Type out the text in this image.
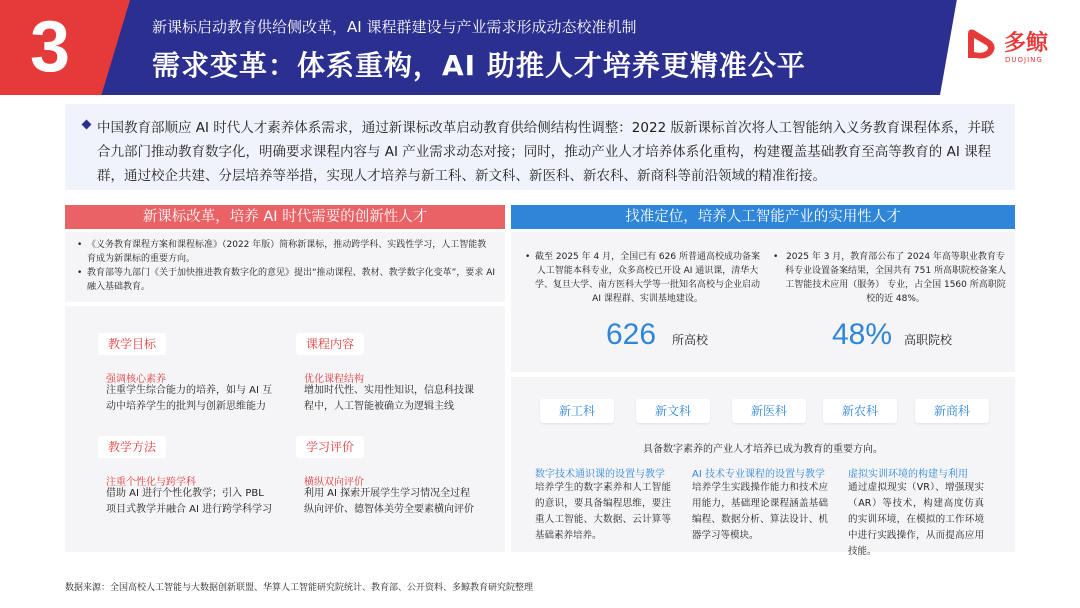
3	新课标启动教育供给侧改革，AI 课程群建设与产业需求形成动态校准机制
需求变革：体系重构，AI 助推人才培养更精准公平
多鲸
DUOJING

中国教育部顺应 AI 时代人才素养体系需求，通过新课标改革启动教育供给侧结构性调整：2022 版新课标首次将人工智能纳入义务教育课程体系，并联合九部门推动教育数字化，明确要求课程内容与 AI 产业需求动态对接；同时，推动产业人才培养体系化重构，构建覆盖基础教育至高等教育的 AI 课程群，通过校企共建、分层培养等举措，实现人才培养与新工科、新文科、新医科、新农科、新商科等前沿领域的精准衔接。

新课标改革，培养 AI 时代需要的创新性人才	找准定位，培养人工智能产业的实用性人才
• 《义务教育课程方案和课程标准》（2022 年版）简称新课标，推动跨学科、实践性学习，人工智能教育成为新课标的重要方向。
• 教育部等九部门《关于加快推进教育数字化的意见》提出“推动课程、教材、教学数字化变革”，要求 AI 融入基础教育。
教学目标
强调核心素养
注重学生综合能力的培养，如与 AI 互动中培养学生的批判与创新思维能力
课程内容
优化课程结构
增加时代性、实用性知识，信息科技课程中，人工智能被确立为逻辑主线
教学方法
注重个性化与跨学科
借助 AI 进行个性化教学；引入 PBL 项目式教学并融合 AI 进行跨学科学习
学习评价
横纵双向评价
利用 AI 探索开展学生学习情况全过程纵向评价、德智体美劳全要素横向评价
• 截至 2025 年 4 月，全国已有 626 所普通高校成功备案人工智能本科专业，众多高校已开设 AI 通识课，清华大学、复旦大学、南方医科大学等一批知名高校与企业启动 AI 课程群、实训基地建设。
• 2025 年 3 月，教育部公布了 2024 年高等职业教育专科专业设置备案结果，全国共有 751 所高职院校备案人工智能技术应用（服务） 专业，占全国 1560 所高职院校的近 48%。
626 所高校	48% 高职院校
新工科	新文科	新医科	新农科	新商科
具备数字素养的产业人才培养已成为教育的重要方向。
数字技术通识课的设置与教学
培养学生的数字素养和人工智能的意识，要具备编程思维，要注重人工智能、大数据、云计算等基础素养培养。
AI 技术专业课程的设置与教学
培养学生实践操作能力和技术应用能力，基础理论课程涵盖基础编程、数据分析、算法设计、机器学习等模块。
虚拟实训环境的构建与利用
通过虚拟现实（VR）、增强现实（AR）等技术，构建高度仿真的实训环境，在模拟的工作环境中进行实践操作，从而提高应用技能。
数据来源：全国高校人工智能与大数据创新联盟、华算人工智能研究院统计、教育部、公开资料、多鲸教育研究院整理
